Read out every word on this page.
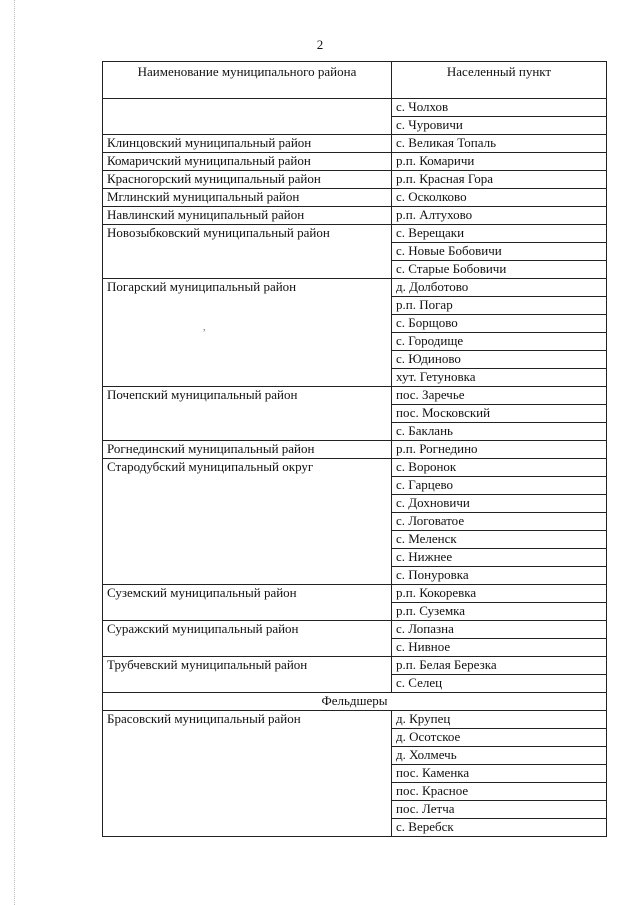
2
,
Наименование муниципального района	Населенный пункт
	с. Чолхов
	с. Чуровичи
Клинцовский муниципальный район	с. Великая Топаль
Комаричский муниципальный район	р.п. Комаричи
Красногорский муниципальный район	р.п. Красная Гора
Мглинский муниципальный район	с. Осколково
Навлинский муниципальный район	р.п. Алтухово
Новозыбковский муниципальный район	с. Верещаки
	с. Новые Бобовичи
	с. Старые Бобовичи
Погарский муниципальный район	д. Долботово
	р.п. Погар
	с. Борщово
	с. Городище
	с. Юдиново
	хут. Гетуновка
Почепский муниципальный район	пос. Заречье
	пос. Московский
	с. Баклань
Рогнединский муниципальный район	р.п. Рогнедино
Стародубский муниципальный округ	с. Воронок
	с. Гарцево
	с. Дохновичи
	с. Логоватое
	с. Меленск
	с. Нижнее
	с. Понуровка
Суземский муниципальный район	р.п. Кокоревка
	р.п. Суземка
Суражский муниципальный район	с. Лопазна
	с. Нивное
Трубчевский муниципальный район	р.п. Белая Березка
	с. Селец
Фельдшеры	
Брасовский муниципальный район	д. Крупец
	д. Осотское
	д. Холмечь
	пос. Каменка
	пос. Красное
	пос. Летча
	с. Веребск
